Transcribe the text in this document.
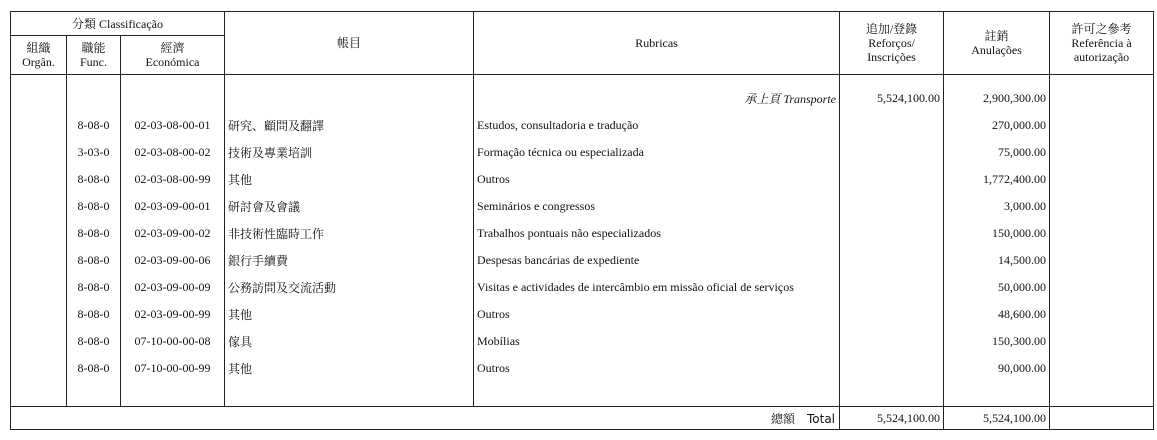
分類 Classificação			帳目	Rubricas	追加/登錄 Reforços/ Inscrições	註銷 Anulações	許可之參考 Referência à autorização
組織 Orgân.	職能 Func.	經濟 Económica					

				承上頁 Transporte	5,524,100.00	2,900,300.00	
	8-08-0	02-03-08-00-01	研究、顧問及翻譯	Estudos, consultadoria e tradução		270,000.00	
	3-03-0	02-03-08-00-02	技術及專業培訓	Formação técnica ou especializada		75,000.00	
	8-08-0	02-03-08-00-99	其他	Outros		1,772,400.00	
	8-08-0	02-03-09-00-01	研討會及會議	Seminários e congressos		3,000.00	
	8-08-0	02-03-09-00-02	非技術性臨時工作	Trabalhos pontuais não especializados		150,000.00	
	8-08-0	02-03-09-00-06	銀行手續費	Despesas bancárias de expediente		14,500.00	
	8-08-0	02-03-09-00-09	公務訪問及交流活動	Visitas e actividades de intercâmbio em missão oficial de serviços		50,000.00	
	8-08-0	02-03-09-00-99	其他	Outros		48,600.00	
	8-08-0	07-10-00-00-08	傢具	Mobílias		150,300.00	
	8-08-0	07-10-00-00-99	其他	Outros		90,000.00	

總額　Total					5,524,100.00	5,524,100.00	
